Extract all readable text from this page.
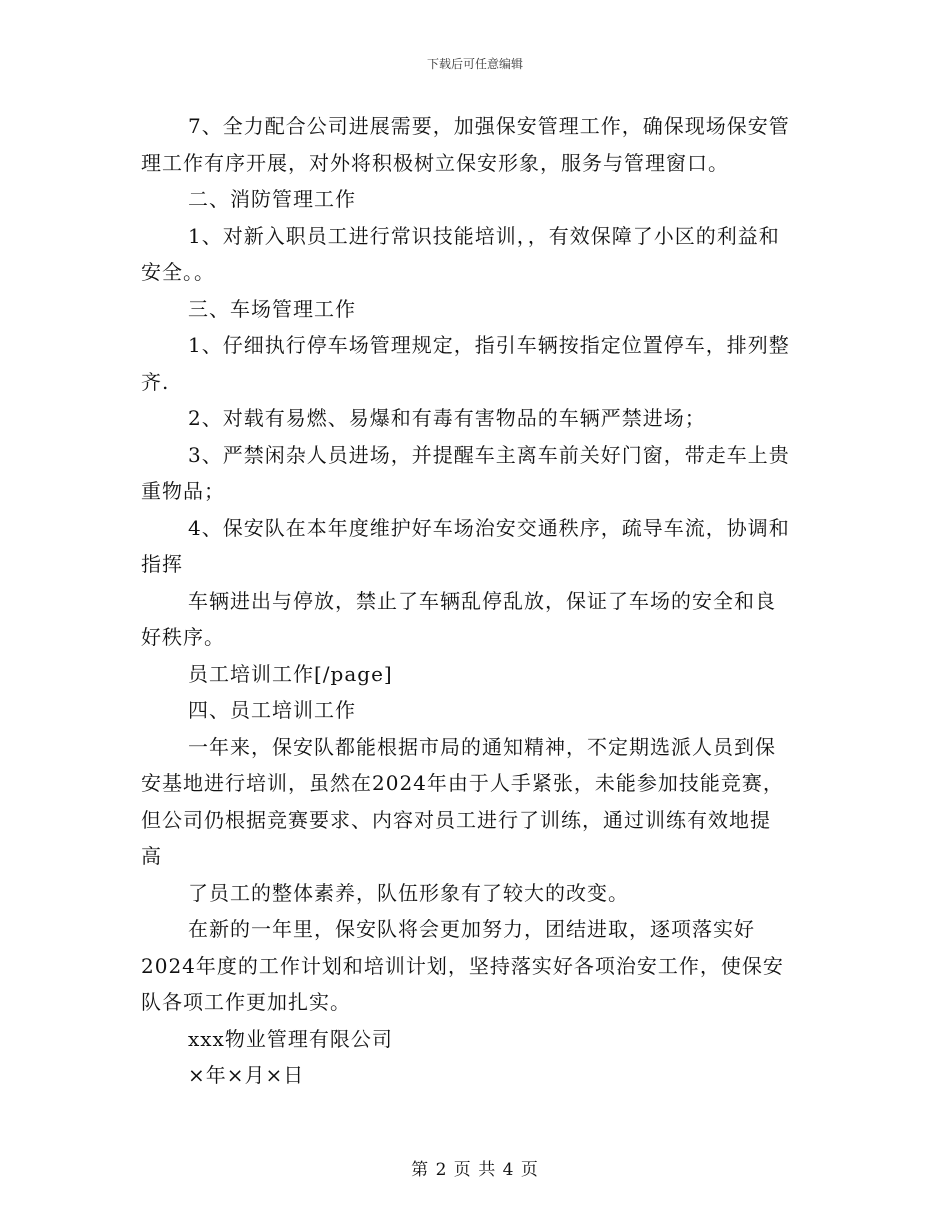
下载后可任意编辑
7、全力配合公司进展需要，加强保安管理工作，确保现场保安管
理工作有序开展，对外将积极树立保安形象，服务与管理窗口。
二、消防管理工作
1、对新入职员工进行常识技能培训，，有效保障了小区的利益和
安全。。
三、车场管理工作
1、仔细执行停车场管理规定，指引车辆按指定位置停车，排列整
齐.
2、对载有易燃、易爆和有毒有害物品的车辆严禁进场；
3、严禁闲杂人员进场，并提醒车主离车前关好门窗，带走车上贵
重物品；
4、保安队在本年度维护好车场治安交通秩序，疏导车流，协调和
指挥
车辆进出与停放，禁止了车辆乱停乱放，保证了车场的安全和良
好秩序。
员工培训工作[/page]
四、员工培训工作
一年来，保安队都能根据市局的通知精神，不定期选派人员到保
安基地进行培训，虽然在2024年由于人手紧张，未能参加技能竞赛，
但公司仍根据竞赛要求、内容对员工进行了训练，通过训练有效地提
高
了员工的整体素养，队伍形象有了较大的改变。
在新的一年里，保安队将会更加努力，团结进取，逐项落实好
2024年度的工作计划和培训计划，坚持落实好各项治安工作，使保安
队各项工作更加扎实。
xxx物业管理有限公司
×年×月×日
第 2 页 共 4 页
